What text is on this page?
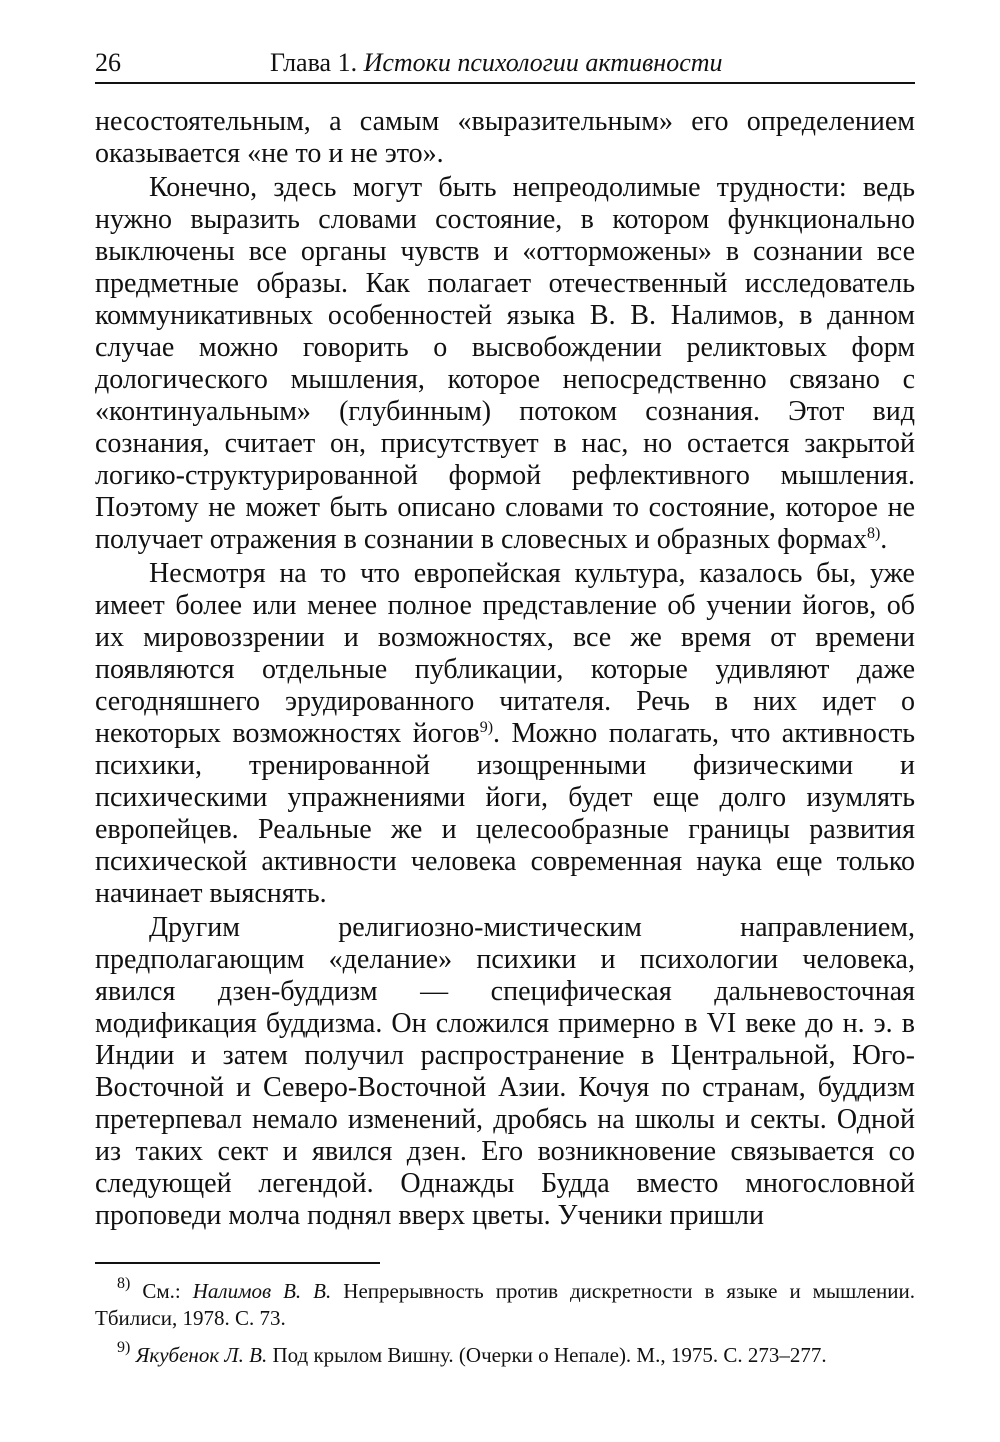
26	Глава 1. Истоки психологии активности

несостоятельным, а самым «выразительным» его определением оказывается «не то и не это».

Конечно, здесь могут быть непреодолимые трудности: ведь нужно выразить словами состояние, в котором функционально выключены все органы чувств и «отторможены» в сознании все предметные образы. Как полагает отечественный исследователь коммуникативных особенностей языка В. В. Налимов, в данном случае можно говорить о высвобождении реликтовых форм дологического мышления, которое непосредственно связано с «континуальным» (глубинным) потоком сознания. Этот вид сознания, считает он, присутствует в нас, но остается закрытой логико-структурированной формой рефлективного мышления. Поэтому не может быть описано словами то состояние, которое не получает отражения в сознании в словесных и образных формах$^{8)}$.

Несмотря на то что европейская культура, казалось бы, уже имеет более или менее полное представление об учении йогов, об их мировоззрении и возможностях, все же время от времени появляются отдельные публикации, которые удивляют даже сегодняшнего эрудированного читателя. Речь в них идет о некоторых возможностях йогов$^{9)}$. Можно полагать, что активность психики, тренированной изощренными физическими и психическими упражнениями йоги, будет еще долго изумлять европейцев. Реальные же и целесообразные границы развития психической активности человека современная наука еще только начинает выяснять.

Другим религиозно-мистическим направлением, предполагающим «делание» психики и психологии человека, явился дзен-буддизм — специфическая дальневосточная модификация буддизма. Он сложился примерно в VI веке до н. э. в Индии и затем получил распространение в Центральной, Юго-Восточной и Северо-Восточной Азии. Кочуя по странам, буддизм претерпевал немало изменений, дробясь на школы и секты. Одной из таких сект и явился дзен. Его возникновение связывается со следующей легендой. Однажды Будда вместо многословной проповеди молча поднял вверх цветы. Ученики пришли

$^{8)}$ См.: Налимов В. В. Непрерывность против дискретности в языке и мышлении. Тбилиси, 1978. С. 73.

$^{9)}$ Якубенок Л. В. Под крылом Вишну. (Очерки о Непале). М., 1975. С. 273–277.
